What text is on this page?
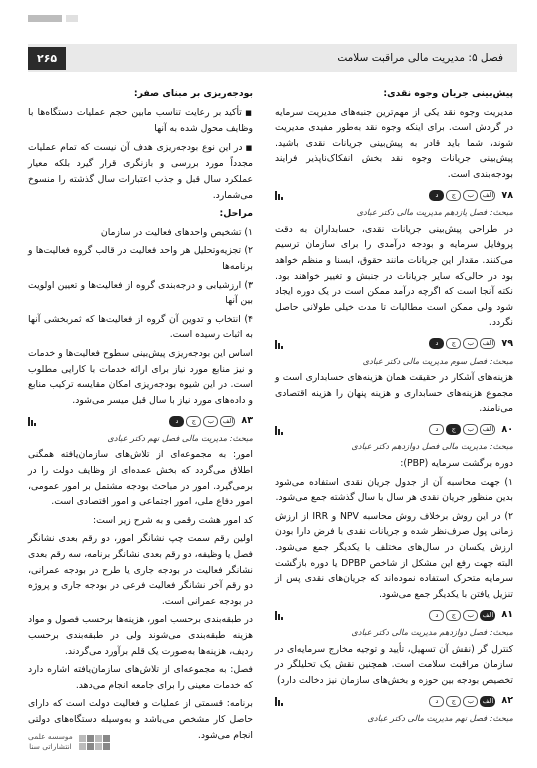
فصل ۵: مدیریت مالی مراقبت سلامت
۲۶۵
پیش‌بینی جریان وجوه نقدی:
مدیریت وجوه نقد یکی از مهم‌ترین جنبه‌های مدیریت سرمایه در گردش است. برای اینکه وجوه نقد به‌طور مفیدی مدیریت شوند، شما باید قادر به پیش‌بینی جریانات نقدی باشید. پیش‌بینی جریانات وجوه نقد بخش انفکاک‌ناپذیر فرایند بودجه‌بندی است.
۷۸
الف
ب
ج
د
مبحث: فصل یازدهم مدیریت مالی دکتر عبادی
در طراحی پیش‌بینی جریانات نقدی، حسابداران به دقت پروفایل سرمایه و بودجه درآمدی را برای سازمان ترسیم می‌کنند. مقدار این جریانات مانند حقوق، ابسنا و منظم خواهد بود در حالی‌که سایر جریانات در جنبش و تغییر خواهند بود. نکته آنجا است که اگرچه درآمد ممکن است در یک دوره ایجاد شود ولی ممکن است مطالبات تا مدت خیلی طولانی حاصل نگردد.
۷۹
الف
ب
ج
د
مبحث: فصل سوم مدیریت مالی دکتر عبادی
هزینه‌های آشکار در حقیقت همان هزینه‌های حسابداری است و مجموع هزینه‌های حسابداری و هزینه پنهان را هزینه اقتصادی می‌نامند.
۸۰
الف
ب
ج
د
مبحث: مدیریت مالی فصل دوازدهم دکتر عبادی
دوره برگشت سرمایه (PBP):
۱) جهت محاسبه آن از جدول جریان نقدی استفاده می‌شود بدین منظور جریان نقدی هر سال با سال گذشته جمع می‌شود.
۲) در این روش برخلاف روش محاسبه NPV و IRR از ارزش زمانی پول صرف‌نظر شده و جریانات نقدی با فرض دارا بودن ارزش یکسان در سال‌های مختلف با یکدیگر جمع می‌شود. البته جهت رفع این مشکل از شاخص DPBP یا دوره بازگشت سرمایه متحرک استفاده نموده‌اند که جریان‌های نقدی پس از تنزیل یافتن با یکدیگر جمع می‌شود.
۸۱
الف
ب
ج
د
مبحث: فصل دوازدهم مدیریت مالی دکتر عبادی
کنترل گر (نقش آن تسهیل، تأیید و توجیه مخارج سرمایه‌ای در سازمان مراقبت سلامت است. همچنین نقش یک تحلیلگر در تخصیص بودجه بین حوزه و بخش‌های سازمان نیز دخالت دارد)
۸۲
الف
ب
ج
د
مبحث: فصل نهم مدیریت مالی دکتر عبادی
بودجه‌ریزی بر مبنای صفر:
■ تأکید بر رعایت تناسب مابین حجم عملیات دستگاه‌ها با وظایف محول شده به آنها
■ در این نوع بودجه‌ریزی هدف آن نیست که تمام عملیات مجدداً مورد بررسی و بازنگری قرار گیرد بلکه معیار عملکرد سال قبل و جذب اعتبارات سال گذشته را منسوخ می‌شمارد.
مراحل:
۱) تشخیص واحدهای فعالیت در سازمان
۲) تجزیه‌وتحلیل هر واحد فعالیت در قالب گروه فعالیت‌ها و برنامه‌ها
۳) ارزشیابی و درجه‌بندی گروه از فعالیت‌ها و تعیین اولویت بین آنها
۴) انتخاب و تدوین آن گروه از فعالیت‌ها که ثمربخشی آنها به اثبات رسیده است.
اساس این بودجه‌ریزی پیش‌بینی سطوح فعالیت‌ها و خدمات و نیز منابع مورد نیاز برای ارائه خدمات با کارایی مطلوب است. در این شیوه بودجه‌ریزی امکان مقایسه ترکیب منابع و داده‌های مورد نیاز با سال قبل میسر می‌شود.
۸۳
الف
ب
ج
د
مبحث: مدیریت مالی فصل نهم دکتر عبادی
امور: به مجموعه‌ای از تلاش‌های سازمان‌یافته همگنی اطلاق می‌گردد که بخش عمده‌ای از وظایف دولت را در برمی‌گیرد. امور در مباحث بودجه مشتمل بر امور عمومی، امور دفاع ملی، امور اجتماعی و امور اقتصادی است.
کد امور هشت رقمی و به شرح زیر است:
اولین رقم سمت چپ نشانگر امور، دو رقم بعدی نشانگر فصل یا وظیفه، دو رقم بعدی نشانگر برنامه، سه رقم بعدی نشانگر فعالیت در بودجه جاری یا طرح در بودجه عمرانی، دو رقم آخر نشانگر فعالیت فرعی در بودجه جاری و پروژه در بودجه عمرانی است.
در طبقه‌بندی برحسب امور، هزینه‌ها برحسب فصول و مواد هزینه طبقه‌بندی می‌شوند ولی در طبقه‌بندی برحسب ردیف، هزینه‌ها به‌صورت یک قلم برآورد می‌گردند.
فصل: به مجموعه‌ای از تلاش‌های سازمان‌یافته اشاره دارد که خدمات معینی را برای جامعه انجام می‌دهد.
برنامه: قسمتی از عملیات و فعالیت دولت است که دارای حاصل کار مشخص می‌باشد و به‌وسیله دستگاه‌های دولتی انجام می‌شود.
موسسه علمی
انتشاراتی سنا
